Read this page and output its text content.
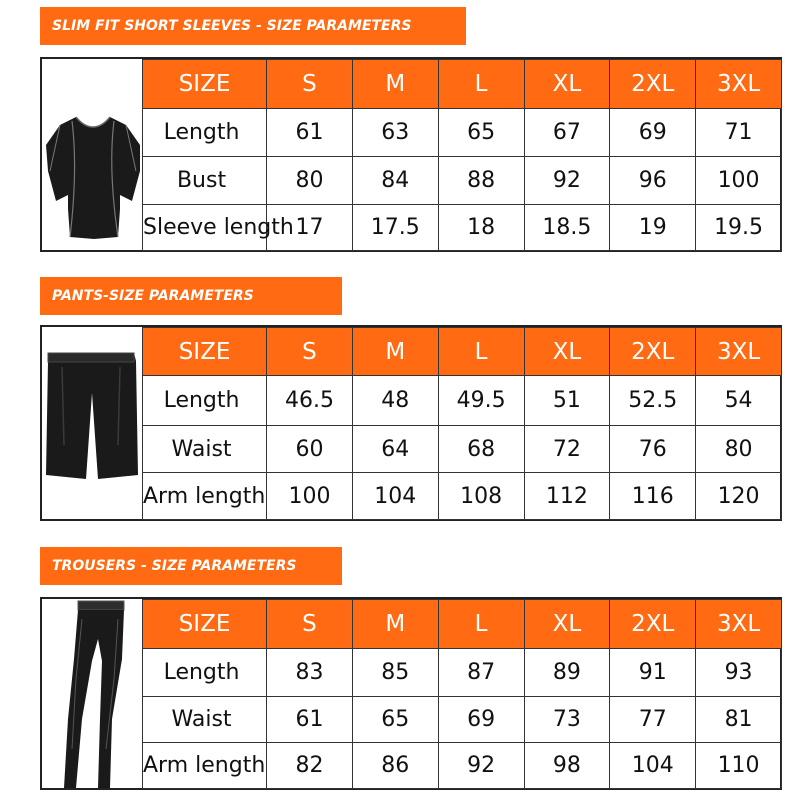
SLIM FIT SHORT SLEEVES - SIZE PARAMETERS
SIZE	S	M	L	XL	2XL	3XL
Length	61	63	65	67	69	71
Bust	80	84	88	92	96	100
Sleeve length	17	17.5	18	18.5	19	19.5
PANTS-SIZE PARAMETERS
SIZE	S	M	L	XL	2XL	3XL
Length	46.5	48	49.5	51	52.5	54
Waist	60	64	68	72	76	80
Arm length	100	104	108	112	116	120
TROUSERS - SIZE PARAMETERS
SIZE	S	M	L	XL	2XL	3XL
Length	83	85	87	89	91	93
Waist	61	65	69	73	77	81
Arm length	82	86	92	98	104	110
